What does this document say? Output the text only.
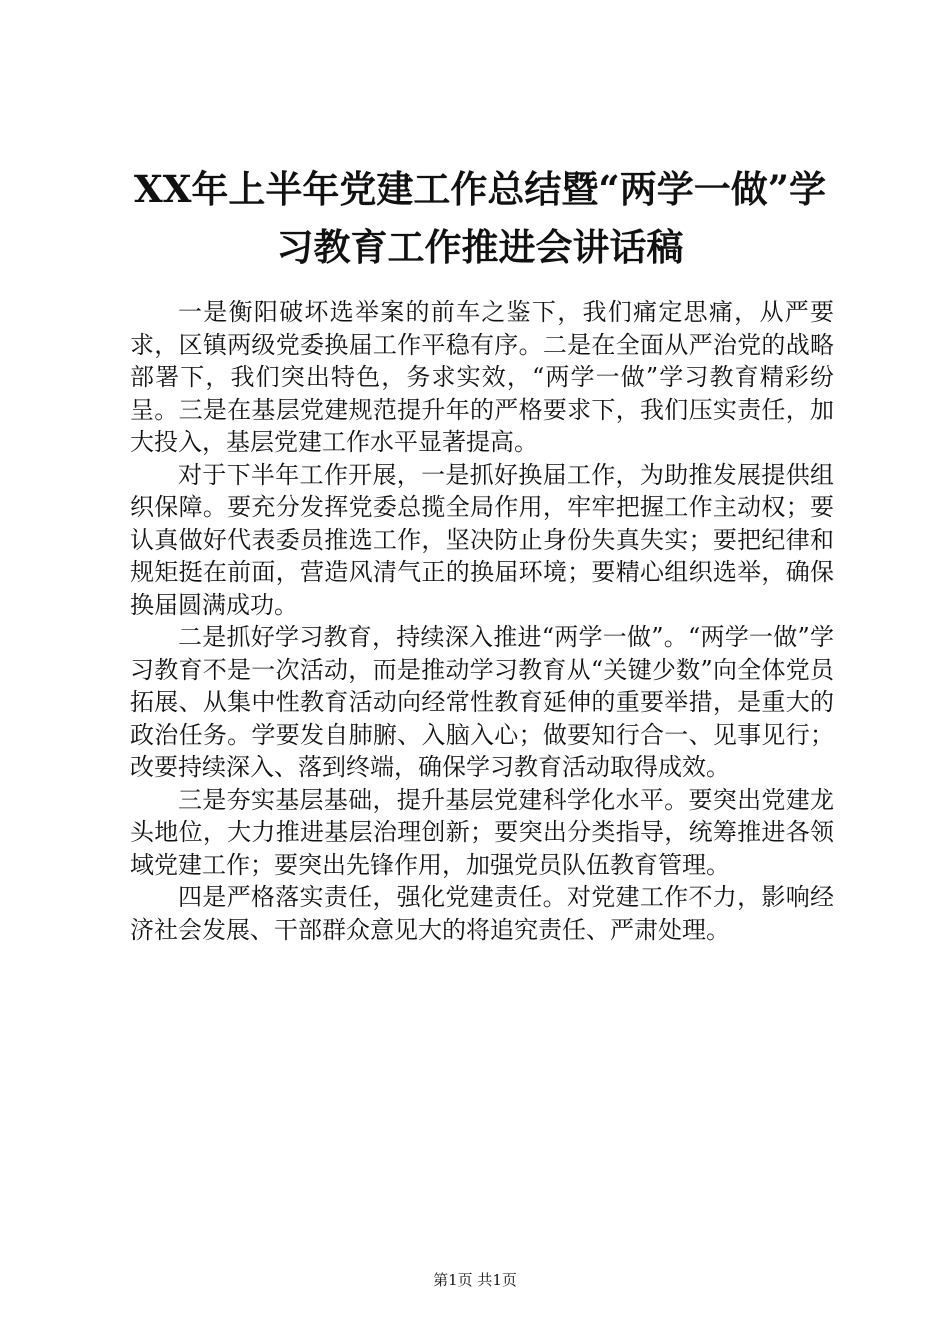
XX年上半年党建工作总结暨“两学一做”学习教育工作推进会讲话稿

一是衡阳破坏选举案的前车之鉴下，我们痛定思痛，从严要求，区镇两级党委换届工作平稳有序。二是在全面从严治党的战略部署下，我们突出特色，务求实效，“两学一做”学习教育精彩纷呈。三是在基层党建规范提升年的严格要求下，我们压实责任，加大投入，基层党建工作水平显著提高。

对于下半年工作开展，一是抓好换届工作，为助推发展提供组织保障。要充分发挥党委总揽全局作用，牢牢把握工作主动权；要认真做好代表委员推选工作，坚决防止身份失真失实；要把纪律和规矩挺在前面，营造风清气正的换届环境；要精心组织选举，确保换届圆满成功。

二是抓好学习教育，持续深入推进“两学一做”。“两学一做”学习教育不是一次活动，而是推动学习教育从“关键少数”向全体党员拓展、从集中性教育活动向经常性教育延伸的重要举措，是重大的政治任务。学要发自肺腑、入脑入心；做要知行合一、见事见行；改要持续深入、落到终端，确保学习教育活动取得成效。

三是夯实基层基础，提升基层党建科学化水平。要突出党建龙头地位，大力推进基层治理创新；要突出分类指导，统筹推进各领域党建工作；要突出先锋作用，加强党员队伍教育管理。

四是严格落实责任，强化党建责任。对党建工作不力，影响经济社会发展、干部群众意见大的将追究责任、严肃处理。

第1页 共1页
